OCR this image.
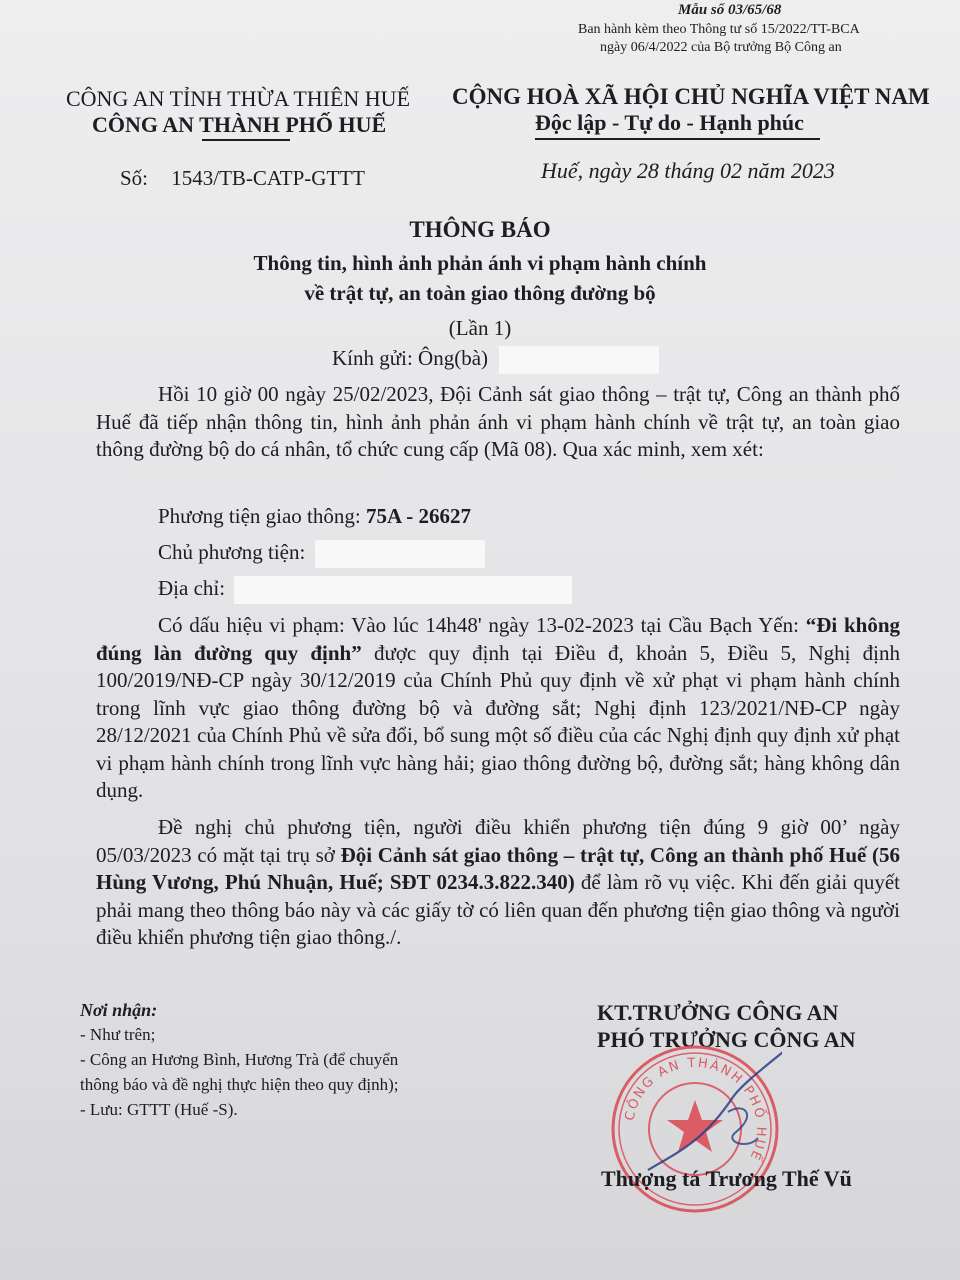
Mẫu số 03/65/68
Ban hành kèm theo Thông tư số 15/2022/TT-BCA
ngày 06/4/2022 của Bộ trưởng Bộ Công an
CÔNG AN TỈNH THỪA THIÊN HUẾ
CÔNG AN THÀNH PHỐ HUẾ
CỘNG HOÀ XÃ HỘI CHỦ NGHĨA VIỆT NAM
Độc lập - Tự do - Hạnh phúc
Số: 1543/TB-CATP-GTTT	Huế, ngày 28 tháng 02 năm 2023
THÔNG BÁO
Thông tin, hình ảnh phản ánh vi phạm hành chính
về trật tự, an toàn giao thông đường bộ
(Lần 1)
Kính gửi: Ông(bà)
Hồi 10 giờ 00 ngày 25/02/2023, Đội Cảnh sát giao thông – trật tự, Công an thành phố Huế đã tiếp nhận thông tin, hình ảnh phản ánh vi phạm hành chính về trật tự, an toàn giao thông đường bộ do cá nhân, tổ chức cung cấp (Mã 08). Qua xác minh, xem xét:
Phương tiện giao thông: 75A - 26627
Chủ phương tiện:
Địa chỉ:
Có dấu hiệu vi phạm: Vào lúc 14h48' ngày 13-02-2023 tại Cầu Bạch Yến: “Đi không đúng làn đường quy định” được quy định tại Điều đ, khoản 5, Điều 5, Nghị định 100/2019/NĐ-CP ngày 30/12/2019 của Chính Phủ quy định về xử phạt vi phạm hành chính trong lĩnh vực giao thông đường bộ và đường sắt; Nghị định 123/2021/NĐ-CP ngày 28/12/2021 của Chính Phủ về sửa đổi, bổ sung một số điều của các Nghị định quy định xử phạt vi phạm hành chính trong lĩnh vực hàng hải; giao thông đường bộ, đường sắt; hàng không dân dụng.
Đề nghị chủ phương tiện, người điều khiển phương tiện đúng 9 giờ 00’ ngày 05/03/2023 có mặt tại trụ sở Đội Cảnh sát giao thông – trật tự, Công an thành phố Huế (56 Hùng Vương, Phú Nhuận, Huế; SĐT 0234.3.822.340) để làm rõ vụ việc. Khi đến giải quyết phải mang theo thông báo này và các giấy tờ có liên quan đến phương tiện giao thông và người điều khiển phương tiện giao thông./.
Nơi nhận:
- Như trên;
- Công an Hương Bình, Hương Trà (để chuyển
thông báo và đề nghị thực hiện theo quy định);
- Lưu: GTTT (Huế -S).
KT.TRƯỞNG CÔNG AN
PHÓ TRƯỞNG CÔNG AN
CÔNG AN THÀNH PHỐ HUẾ
Thượng tá Trương Thế Vũ
